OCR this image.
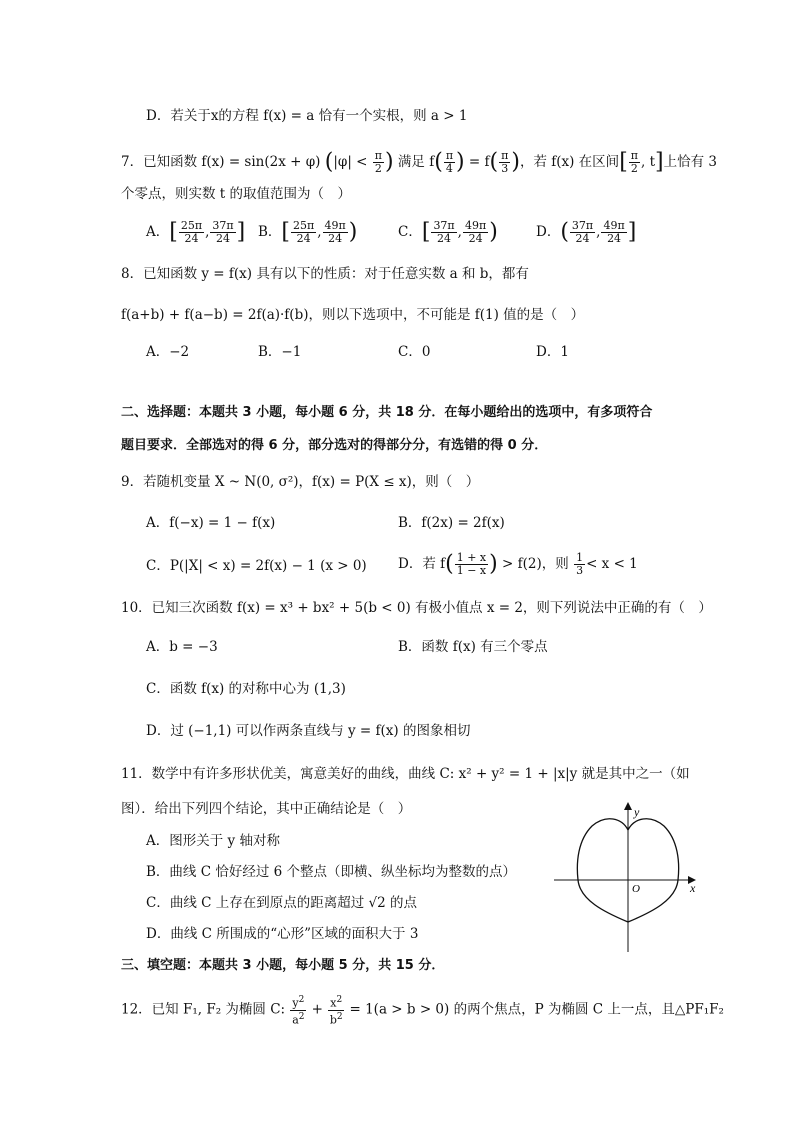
D．若关于x的方程 f(x) = a 恰有一个实根，则 a > 1
7．已知函数 f(x) = sin(2x + φ) ($|\varphi| < \frac{\pi}{2}$ ) 满足 $f( \frac{\pi}{4}$ ) = $f( \frac{\pi}{3}$ )，若 f(x) 在区间[ $\frac{\pi}{2}$ , t]上恰有 3
个零点，则实数 t 的取值范围为（　）
A．[ $\frac{25\pi}{24}$ , $\frac{37\pi}{24}$ ] B．[ $\frac{25\pi}{24}$ , $\frac{49\pi}{24}$ )	C．[ $\frac{37\pi}{24}$ , $\frac{49\pi}{24}$ )	D．( $\frac{37\pi}{24}$ , $\frac{49\pi}{24}$ ]
8．已知函数 y = f(x) 具有以下的性质：对于任意实数 a 和 b，都有
f(a+b) + f(a−b) = 2f(a)·f(b)，则以下选项中，不可能是 f(1) 值的是（　）
A．−2	B．−1	C．0	D．1
二、选择题：本题共 3 小题，每小题 6 分，共 18 分．在每小题给出的选项中，有多项符合
题目要求．全部选对的得 6 分，部分选对的得部分分，有选错的得 0 分．
9．若随机变量 X ~ N(0, σ²)，f(x) = P(X ≤ x)，则（　）
A．f(−x) = 1 − f(x)	B．f(2x) = 2f(x)
C．P(|X| < x) = 2f(x) − 1 (x > 0) D．若 $f( \frac{1 + x}{1 - x}$ ) > f(2)，则 $\frac{1}{3} < x < 1$
10．已知三次函数 f(x) = x³ + bx² + 5(b < 0) 有极小值点 x = 2，则下列说法中正确的有（　）
A．b = −3	B．函数 f(x) 有三个零点
C．函数 f(x) 的对称中心为 (1,3)
D．过 (−1,1) 可以作两条直线与 y = f(x) 的图象相切
11．数学中有许多形状优美，寓意美好的曲线，曲线 C: x² + y² = 1 + |x|y 就是其中之一（如
图）．给出下列四个结论，其中正确结论是（　）
A．图形关于 y 轴对称
B．曲线 C 恰好经过 6 个整点（即横、纵坐标均为整数的点）
C．曲线 C 上存在到原点的距离超过 √2 的点
D．曲线 C 所围成的“心形”区域的面积大于 3
y
x
O
三、填空题：本题共 3 小题，每小题 5 分，共 15 分．
12．已知 F₁, F₂ 为椭圆 C: $\frac{y^2}{a^2} + \frac{x^2}{b^2} = 1(a > b > 0)$ 的两个焦点，P 为椭圆 C 上一点，且△PF₁F₂
